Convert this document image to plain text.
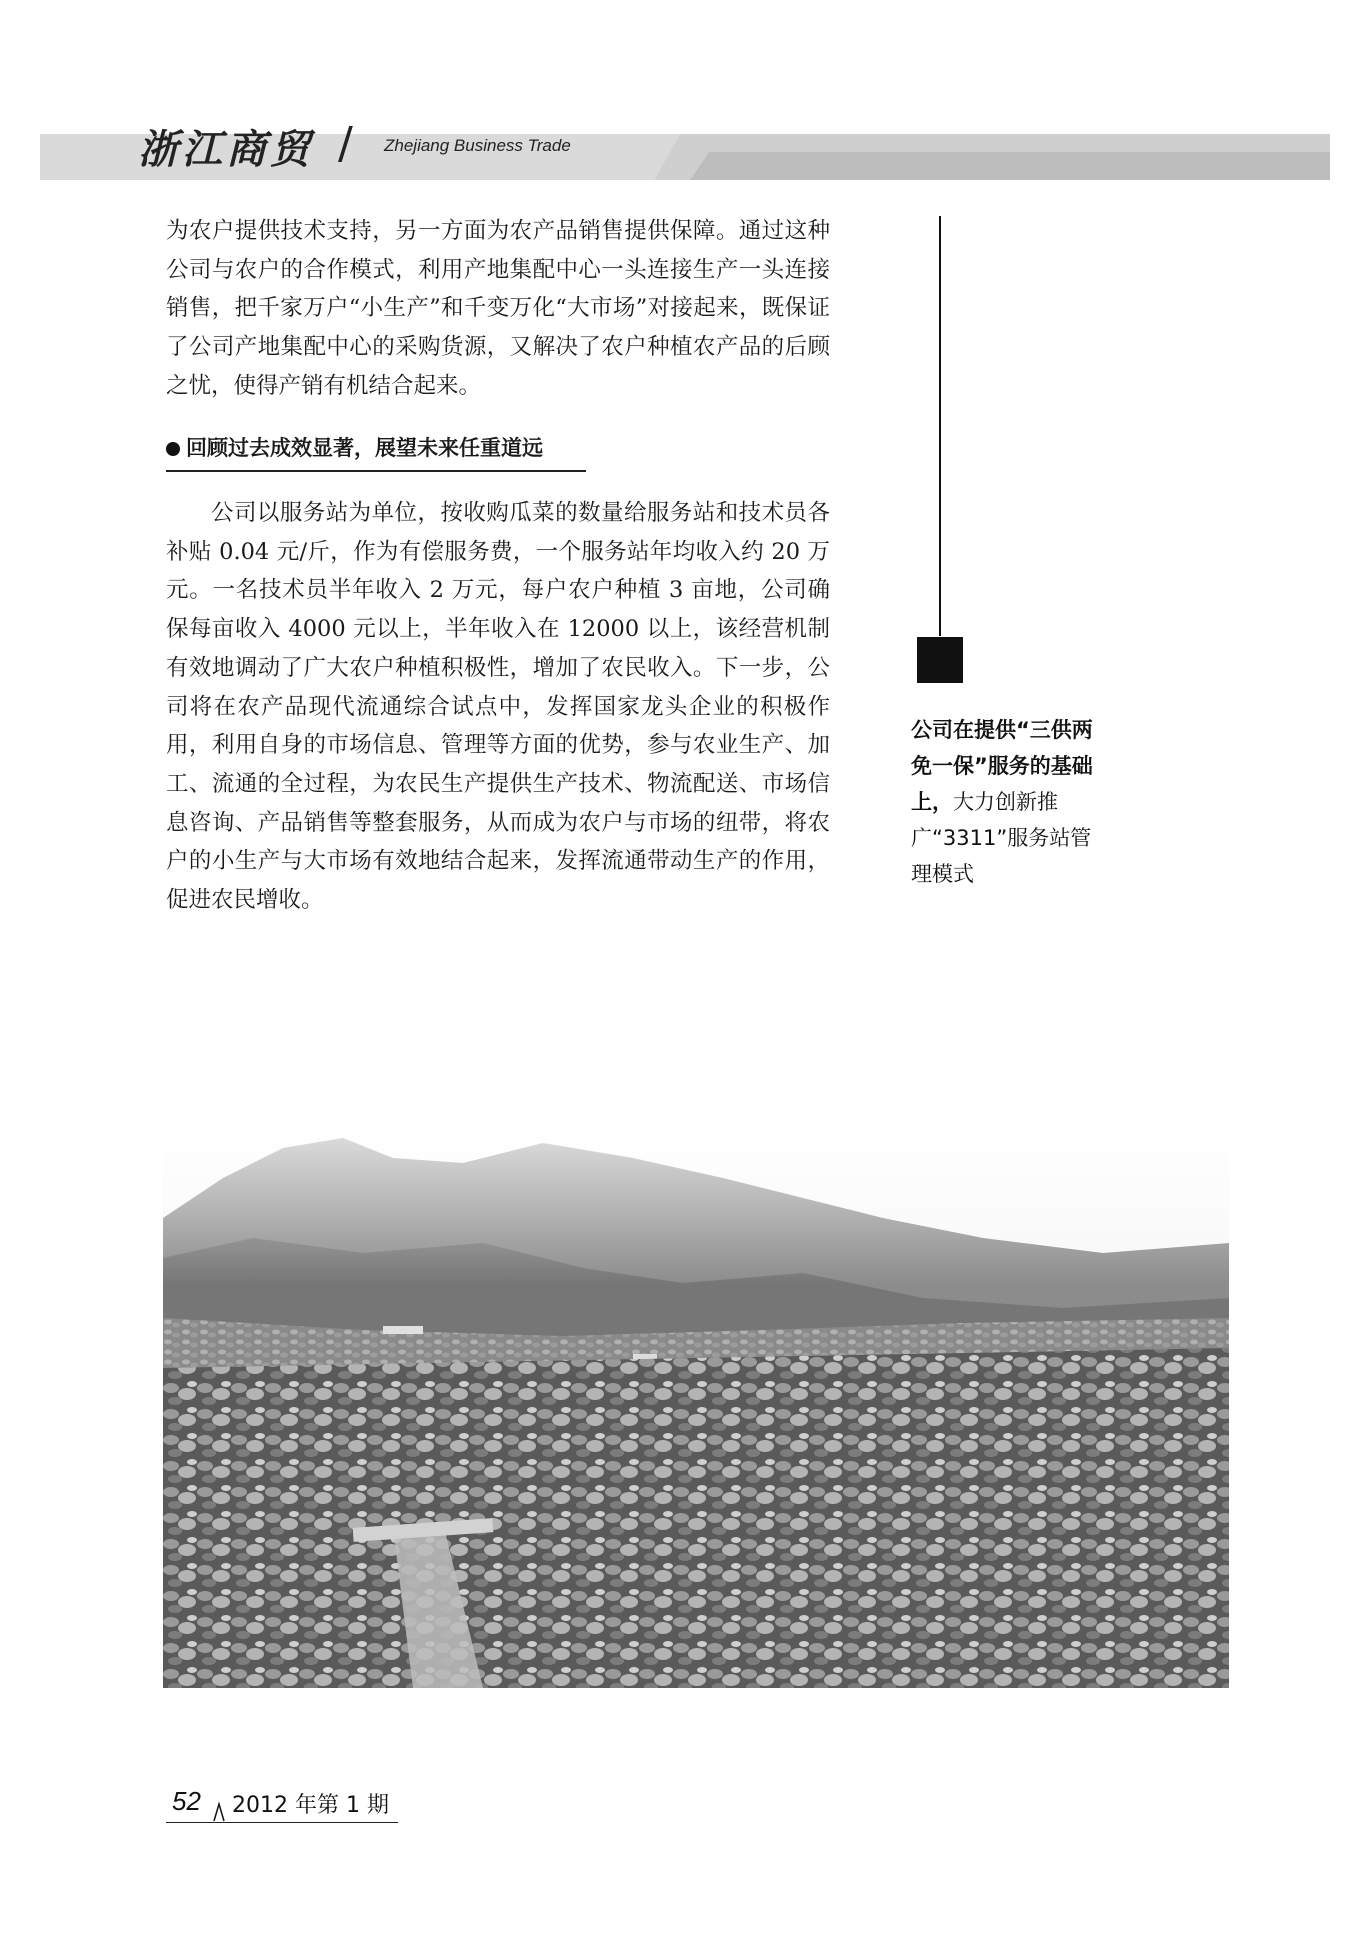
浙江商贸 / Zhejiang Business Trade

为农户提供技术支持，另一方面为农产品销售提供保障。通过这种公司与农户的合作模式，利用产地集配中心一头连接生产一头连接销售，把千家万户“小生产”和千变万化“大市场”对接起来，既保证了公司产地集配中心的采购货源，又解决了农户种植农产品的后顾之忧，使得产销有机结合起来。

回顾过去成效显著，展望未来任重道远

公司以服务站为单位，按收购瓜菜的数量给服务站和技术员各补贴 0.04 元/斤，作为有偿服务费，一个服务站年均收入约 20 万元。一名技术员半年收入 2 万元，每户农户种植 3 亩地，公司确保每亩收入 4000 元以上，半年收入在 12000 以上，该经营机制有效地调动了广大农户种植积极性，增加了农民收入。下一步，公司将在农产品现代流通综合试点中，发挥国家龙头企业的积极作用，利用自身的市场信息、管理等方面的优势，参与农业生产、加工、流通的全过程，为农民生产提供生产技术、物流配送、市场信息咨询、产品销售等整套服务，从而成为农户与市场的纽带，将农户的小生产与大市场有效地结合起来，发挥流通带动生产的作用，促进农民增收。

公司在提供“三供两免一保”服务的基础上，大力创新推广“3311”服务站管理模式
52 2012 年第 1 期
